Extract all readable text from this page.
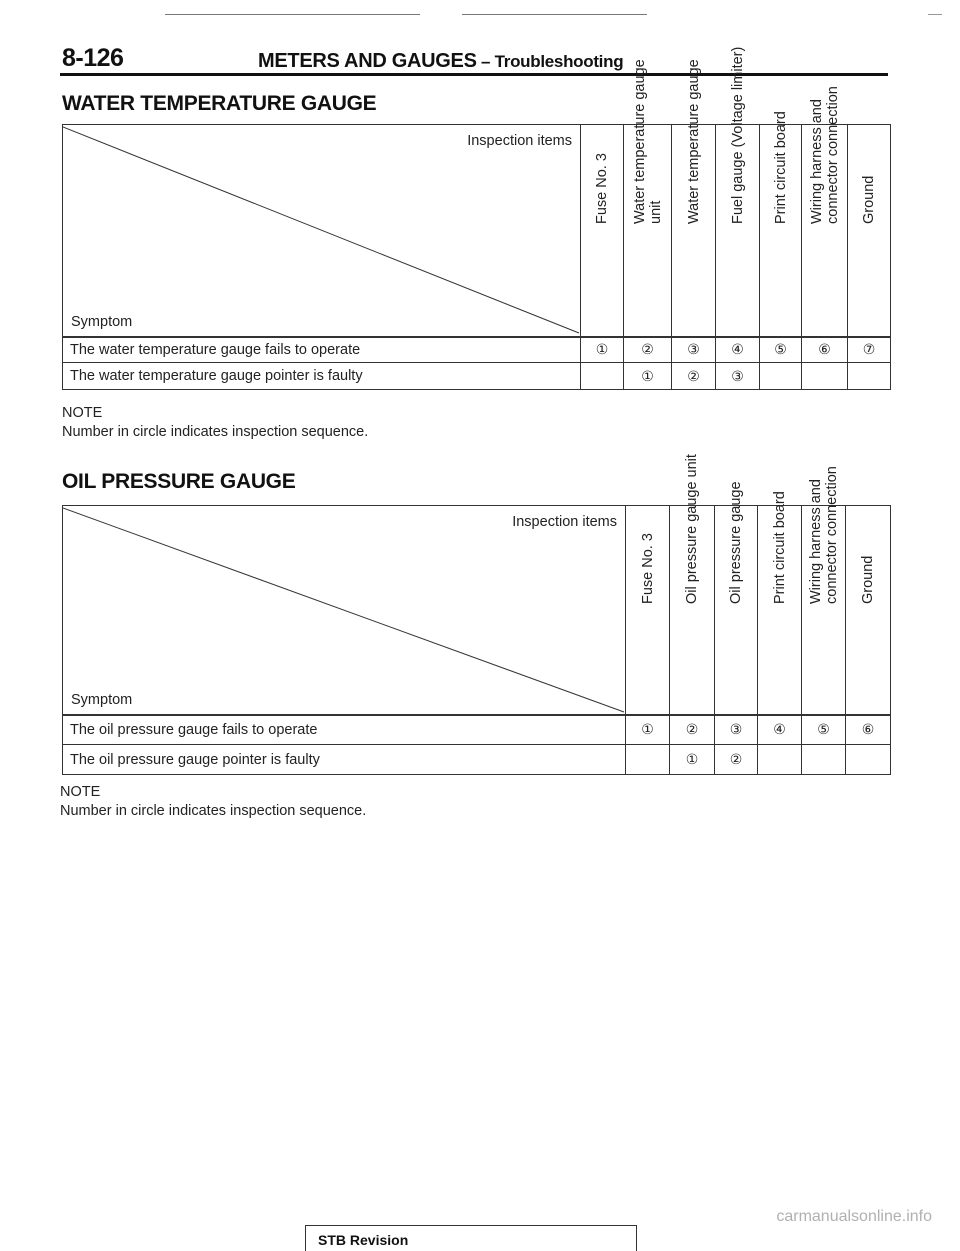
8-126	METERS AND GAUGES – Troubleshooting
WATER TEMPERATURE GAUGE
Inspection items
Symptom	Fuse No. 3	Water temperature gauge
unit	Water temperature gauge	Fuel gauge (Voltage limiter)	Print circuit board	Wiring harness and
connector connection	Ground

The water temperature gauge fails to operate	①	②	③	④	⑤	⑥	⑦
The water temperature gauge pointer is faulty		①	②	③			
NOTE
Number in circle indicates inspection sequence.
OIL PRESSURE GAUGE
Inspection items
Symptom	Fuse No. 3	Oil pressure gauge unit	Oil pressure gauge	Print circuit board	Wiring harness and
connector connection	Ground

The oil pressure gauge fails to operate	①	②	③	④	⑤	⑥
The oil pressure gauge pointer is faulty		①	②			
NOTE
Number in circle indicates inspection sequence.
STB Revision
carmanualsonline.info
